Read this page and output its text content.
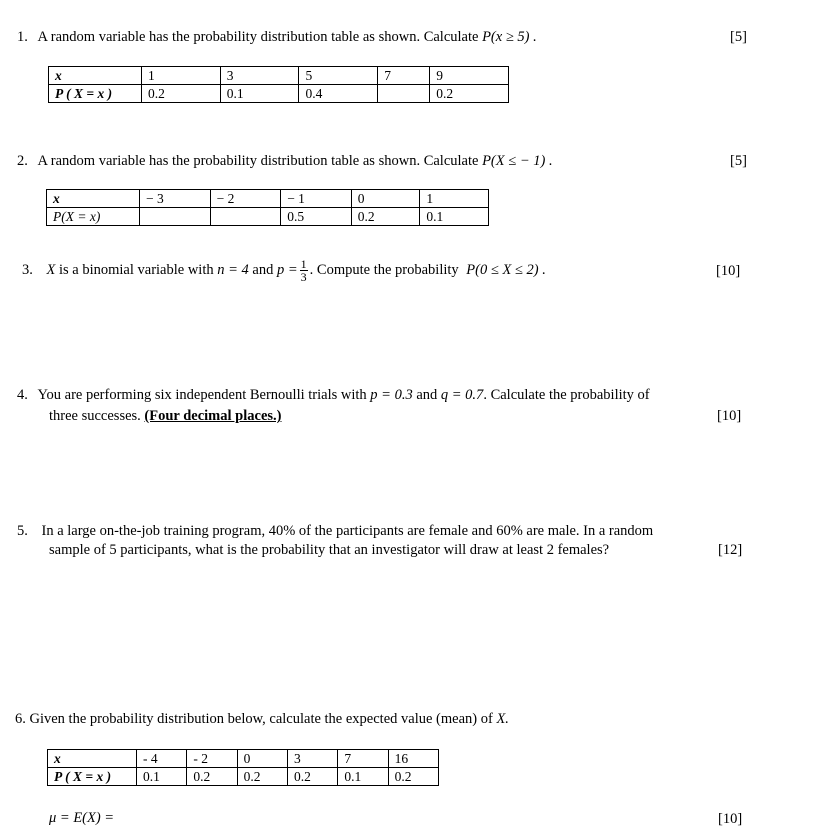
1. A random variable has the probability distribution table as shown. Calculate P(x ≥ 5) .	[5]
x	1	3	5	7	9
P ( X = x )	0.2	0.1	0.4		0.2
2. A random variable has the probability distribution table as shown. Calculate P(X ≤ − 1) .	[5]
x	− 3	− 2	− 1	0	1
P(X = x)			0.5	0.2	0.1
3. X is a binomial variable with n = 4 and $p = \frac{1}{3}$ . Compute the probability P(0 ≤ X ≤ 2) .	[10]
4. You are performing six independent Bernoulli trials with p = 0.3 and q = 0.7. Calculate the probability of
three successes. (Four decimal places.)	[10]
5. In a large on-the-job training program, 40% of the participants are female and 60% are male. In a random
sample of 5 participants, what is the probability that an investigator will draw at least 2 females?	[12]
6. Given the probability distribution below, calculate the expected value (mean) of X.
x	- 4	- 2	0	3	7	16
P ( X = x )	0.1	0.2	0.2	0.2	0.1	0.2
μ = E(X) =	[10]
